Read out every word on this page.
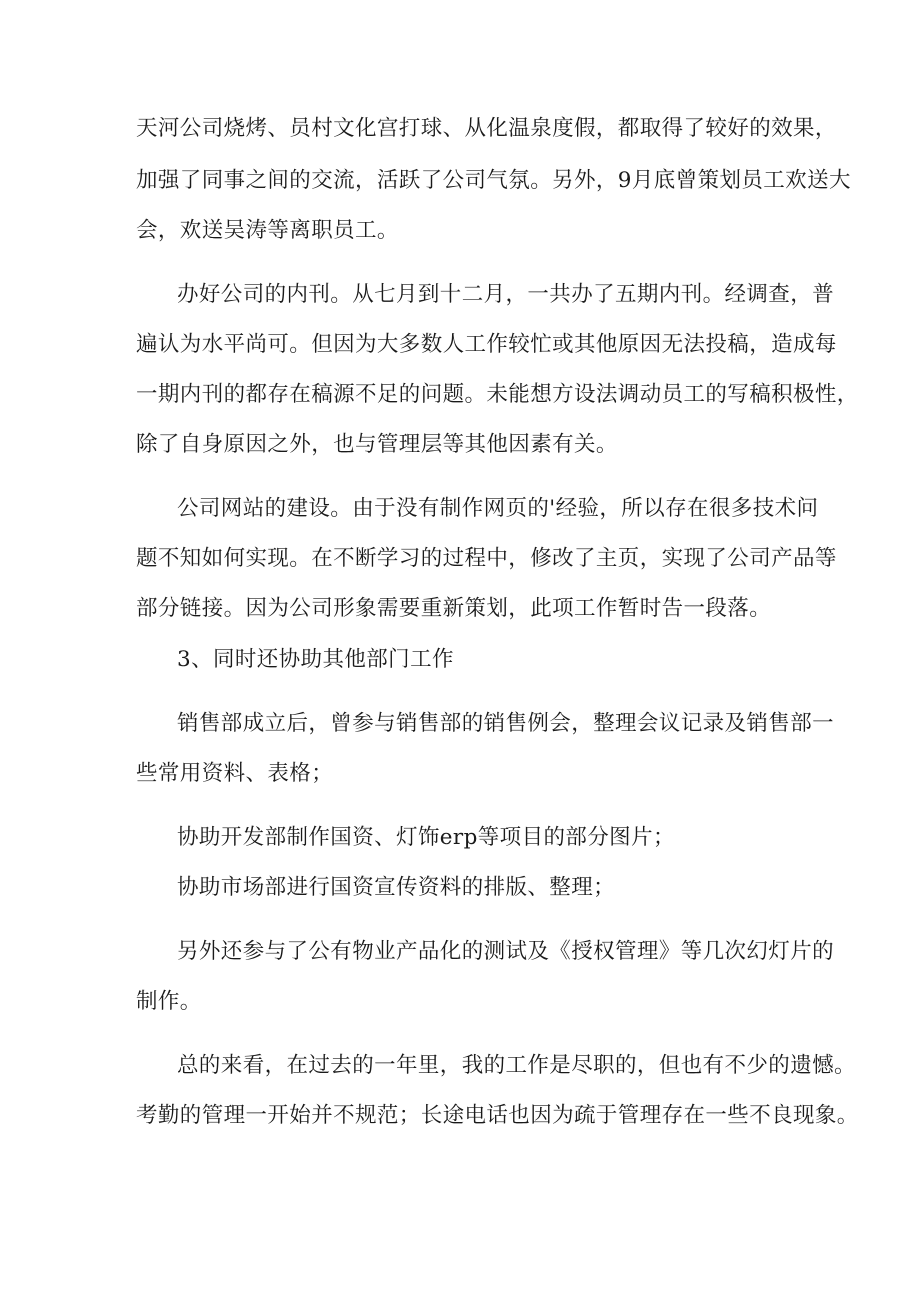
天河公司烧烤、员村文化宫打球、从化温泉度假，都取得了较好的效果，
加强了同事之间的交流，活跃了公司气氛。另外，9月底曾策划员工欢送大
会，欢送吴涛等离职员工。
办好公司的内刊。从七月到十二月，一共办了五期内刊。经调查，普
遍认为水平尚可。但因为大多数人工作较忙或其他原因无法投稿，造成每
一期内刊的都存在稿源不足的问题。未能想方设法调动员工的写稿积极性，
除了自身原因之外，也与管理层等其他因素有关。
公司网站的建设。由于没有制作网页的'经验，所以存在很多技术问
题不知如何实现。在不断学习的过程中，修改了主页，实现了公司产品等
部分链接。因为公司形象需要重新策划，此项工作暂时告一段落。
3、同时还协助其他部门工作
销售部成立后，曾参与销售部的销售例会，整理会议记录及销售部一
些常用资料、表格；
协助开发部制作国资、灯饰erp等项目的部分图片；
协助市场部进行国资宣传资料的排版、整理；
另外还参与了公有物业产品化的测试及《授权管理》等几次幻灯片的
制作。
总的来看，在过去的一年里，我的工作是尽职的，但也有不少的遗憾。
考勤的管理一开始并不规范；长途电话也因为疏于管理存在一些不良现象。
